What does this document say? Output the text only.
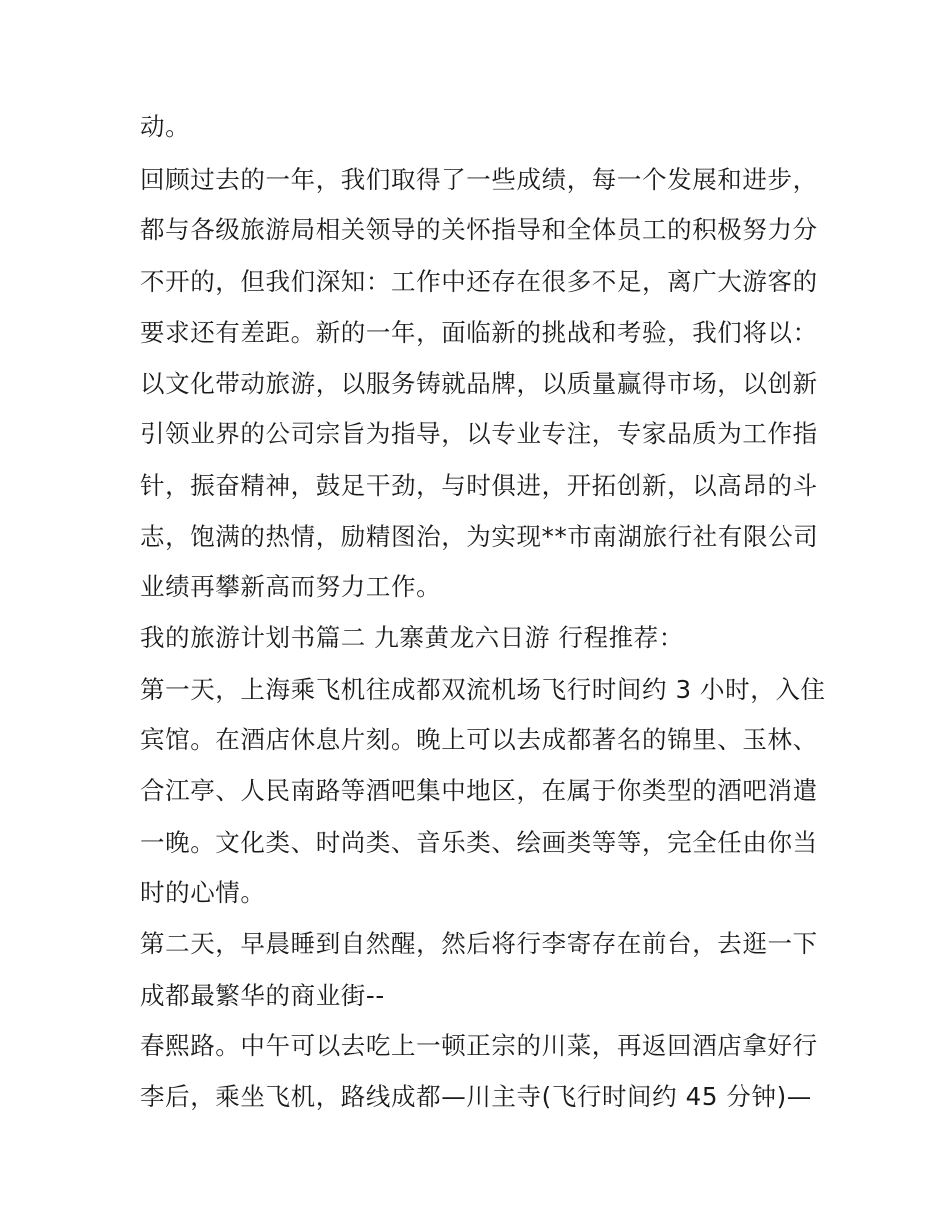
动。

回顾过去的一年，我们取得了一些成绩，每一个发展和进步，

都与各级旅游局相关领导的关怀指导和全体员工的积极努力分

不开的，但我们深知：工作中还存在很多不足，离广大游客的

要求还有差距。新的一年，面临新的挑战和考验，我们将以：

以文化带动旅游，以服务铸就品牌，以质量赢得市场，以创新

引领业界的公司宗旨为指导，以专业专注，专家品质为工作指

针，振奋精神，鼓足干劲，与时俱进，开拓创新，以高昂的斗

志，饱满的热情，励精图治，为实现**市南湖旅行社有限公司

业绩再攀新高而努力工作。

我的旅游计划书篇二 九寨黄龙六日游 行程推荐：

第一天，上海乘飞机往成都双流机场飞行时间约 3 小时，入住

宾馆。在酒店休息片刻。晚上可以去成都著名的锦里、玉林、

合江亭、人民南路等酒吧集中地区，在属于你类型的酒吧消遣

一晚。文化类、时尚类、音乐类、绘画类等等，完全任由你当

时的心情。

第二天，早晨睡到自然醒，然后将行李寄存在前台，去逛一下

成都最繁华的商业街--

春熙路。中午可以去吃上一顿正宗的川菜，再返回酒店拿好行

李后，乘坐飞机，路线成都—川主寺(飞行时间约 45 分钟)—
